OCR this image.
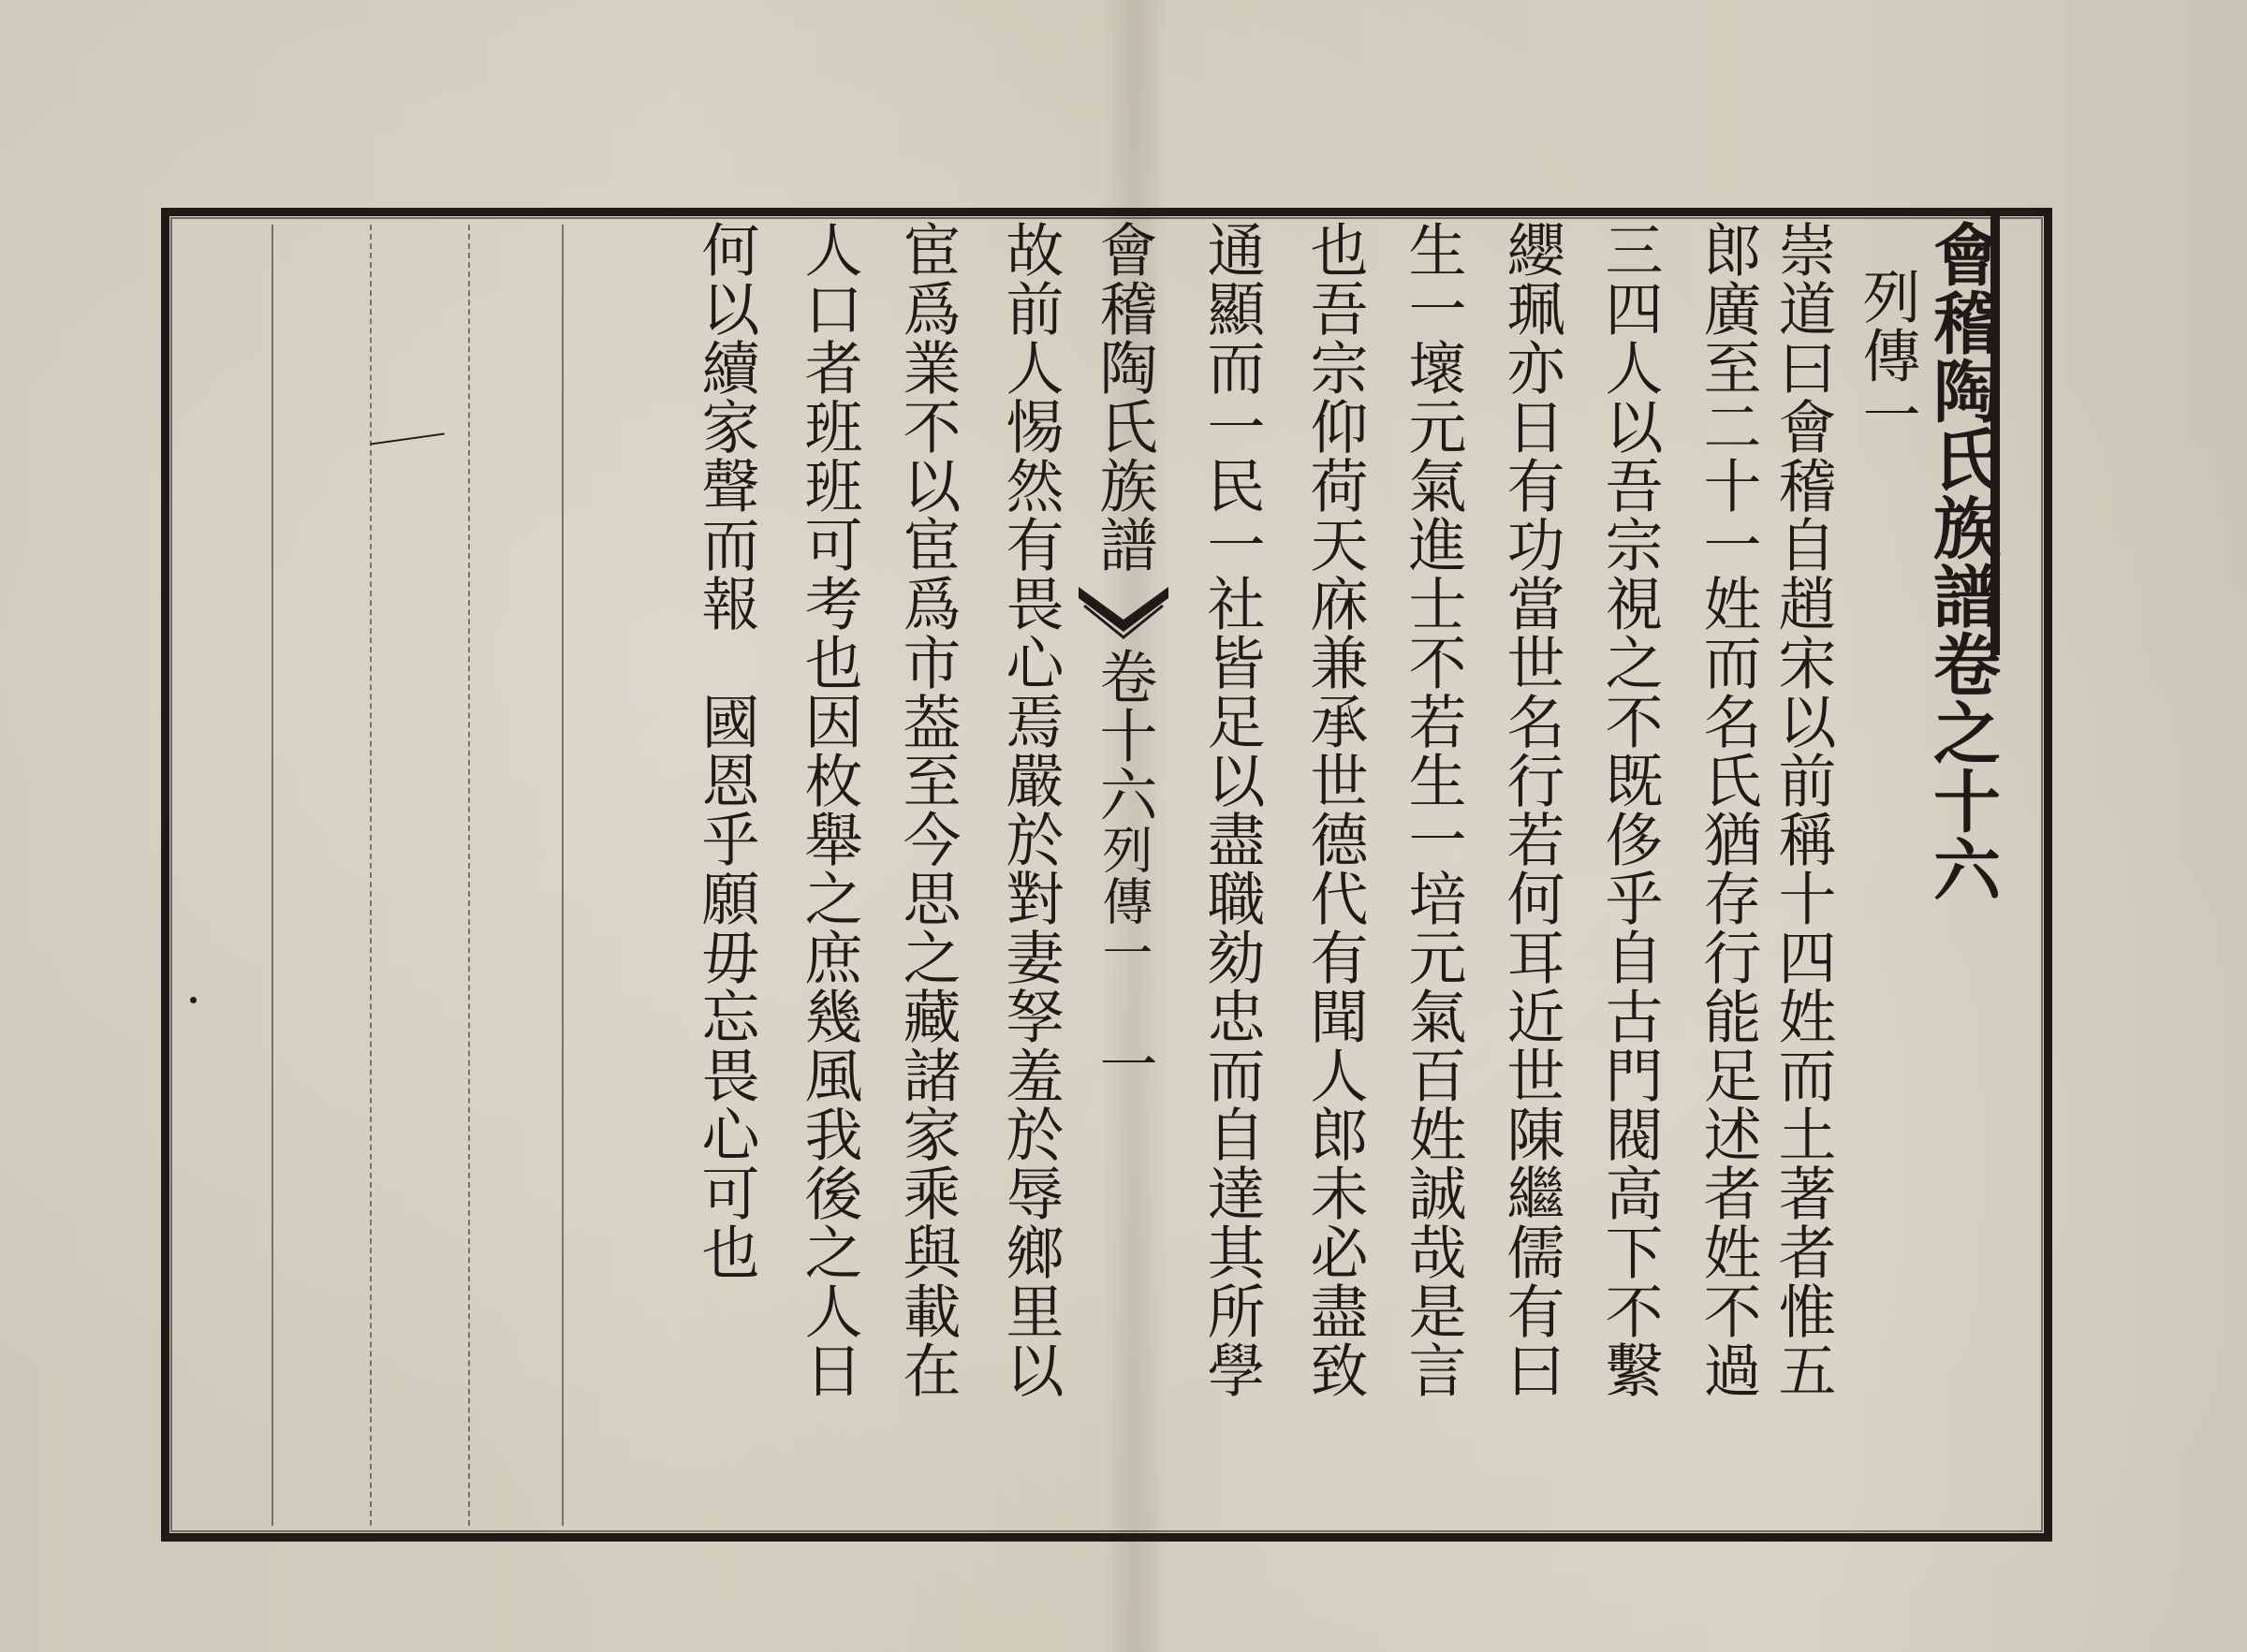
會稽陶氏族譜卷之十六
列傳一
崇道曰會稽自趙宋以前稱十四姓而土著者惟五
郎廣至二十一姓而名氏猶存行能足述者姓不過
三四人以吾宗視之不既侈乎自古門閥高下不繫
纓珮亦日有功當世名行若何耳近世陳繼儒有曰
生一壞元氣進士不若生一培元氣百姓誠哉是言
也吾宗仰荷天庥兼承世德代有聞人郎未必盡致
通顯而一民一社皆足以盡職劾忠而自達其所學
會稽陶氏族譜
卷十六
列傳一
一
故前人惕然有畏心焉嚴於對妻孥羞於辱鄉里以
宦爲業不以宦爲市葢至今思之藏諸家乘與載在
人口者班班可考也因枚舉之庶幾風我後之人日
何以續家聲而報　國恩乎願毋忘畏心可也
